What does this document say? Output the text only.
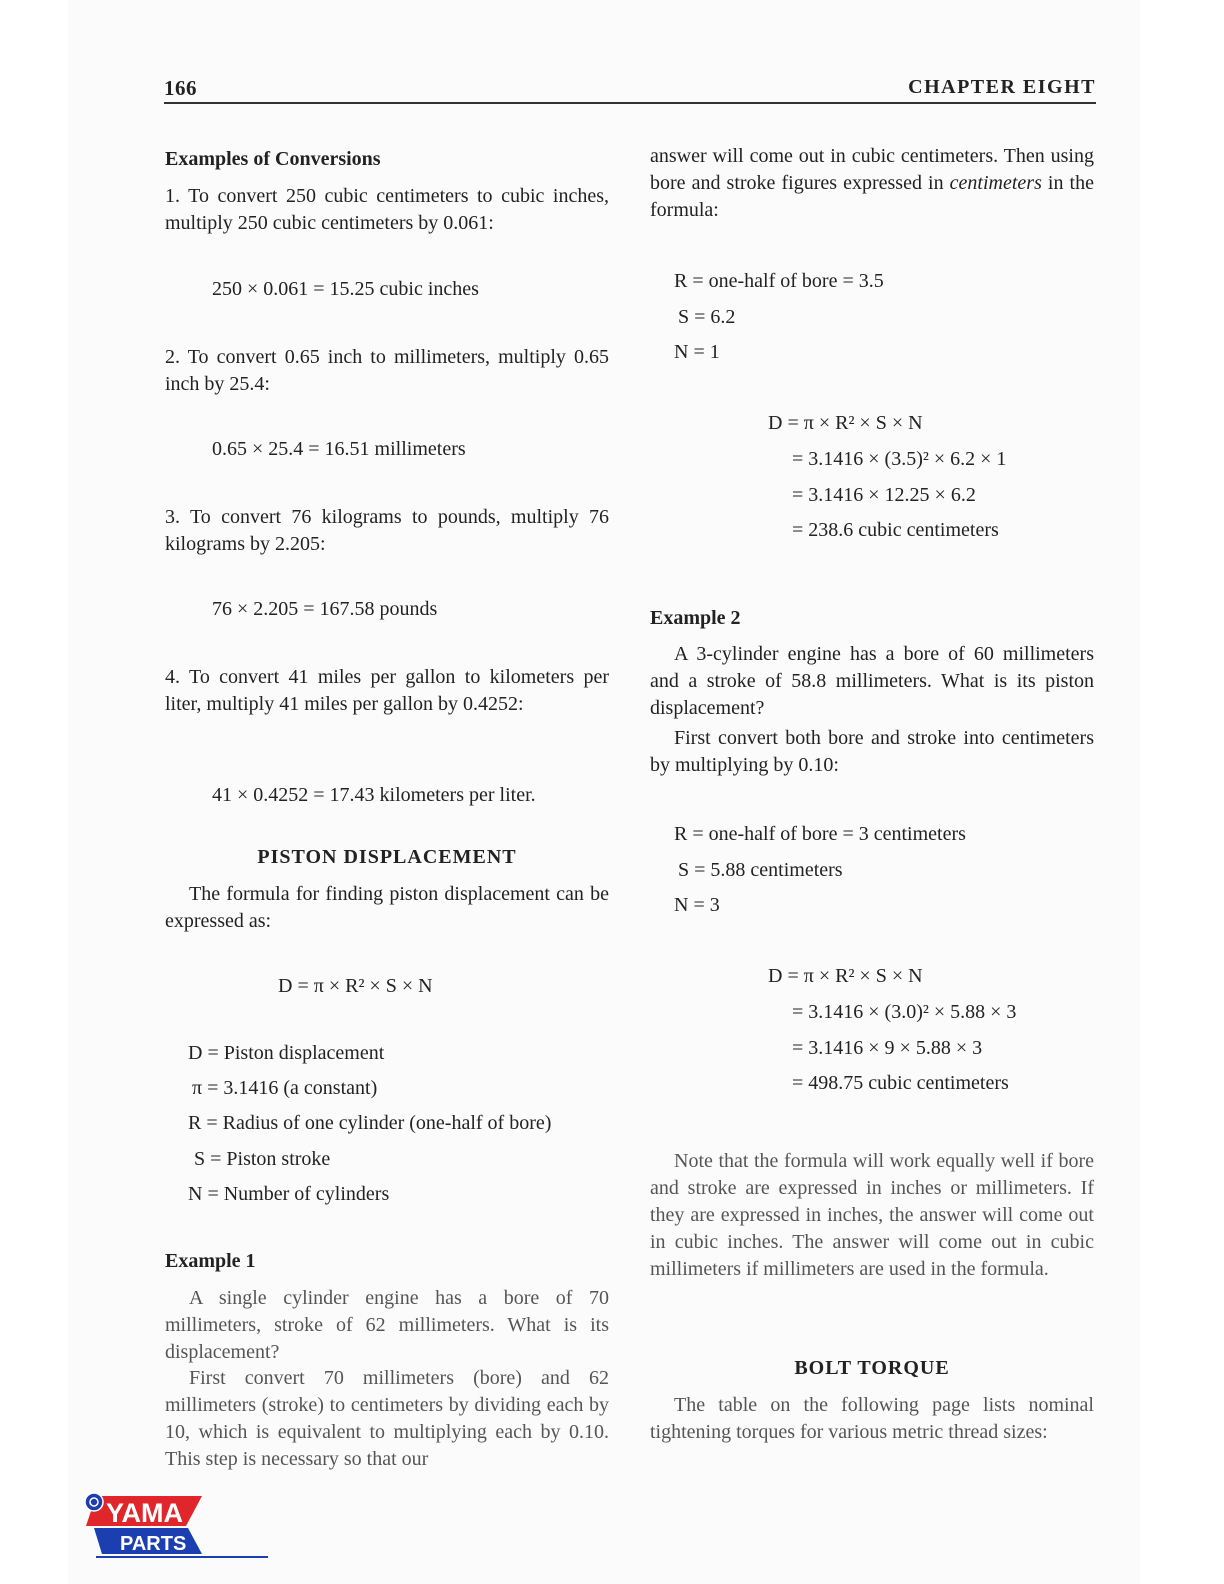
166	CHAPTER EIGHT
Examples of Conversions
1. To convert 250 cubic centimeters to cubic inches, multiply 250 cubic centimeters by 0.061:
250 × 0.061 = 15.25 cubic inches
2. To convert 0.65 inch to millimeters, multiply 0.65 inch by 25.4:
0.65 × 25.4 = 16.51 millimeters
3. To convert 76 kilograms to pounds, multiply 76 kilograms by 2.205:
76 × 2.205 = 167.58 pounds
4. To convert 41 miles per gallon to kilometers per liter, multiply 41 miles per gallon by 0.4252:
41 × 0.4252 = 17.43 kilometers per liter.
PISTON DISPLACEMENT
The formula for finding piston displacement can be expressed as:
D = π × R² × S × N
D = Piston displacement
π = 3.1416 (a constant)
R = Radius of one cylinder (one-half of bore)
S = Piston stroke
N = Number of cylinders
Example 1
A single cylinder engine has a bore of 70 millimeters, stroke of 62 millimeters. What is its displacement?
First convert 70 millimeters (bore) and 62 millimeters (stroke) to centimeters by dividing each by 10, which is equivalent to multiplying each by 0.10. This step is necessary so that our
answer will come out in cubic centimeters. Then using bore and stroke figures expressed in centimeters in the formula:
R = one-half of bore = 3.5
S = 6.2
N = 1
D = π × R² × S × N
= 3.1416 × (3.5)² × 6.2 × 1
= 3.1416 × 12.25 × 6.2
= 238.6 cubic centimeters
Example 2
A 3-cylinder engine has a bore of 60 millimeters and a stroke of 58.8 millimeters. What is its piston displacement?
First convert both bore and stroke into centimeters by multiplying by 0.10:
R = one-half of bore = 3 centimeters
S = 5.88 centimeters
N = 3
D = π × R² × S × N
= 3.1416 × (3.0)² × 5.88 × 3
= 3.1416 × 9 × 5.88 × 3
= 498.75 cubic centimeters
Note that the formula will work equally well if bore and stroke are expressed in inches or millimeters. If they are expressed in inches, the answer will come out in cubic inches. The answer will come out in cubic millimeters if millimeters are used in the formula.
BOLT TORQUE
The table on the following page lists nominal tightening torques for various metric thread sizes:
YAMA
PARTS
